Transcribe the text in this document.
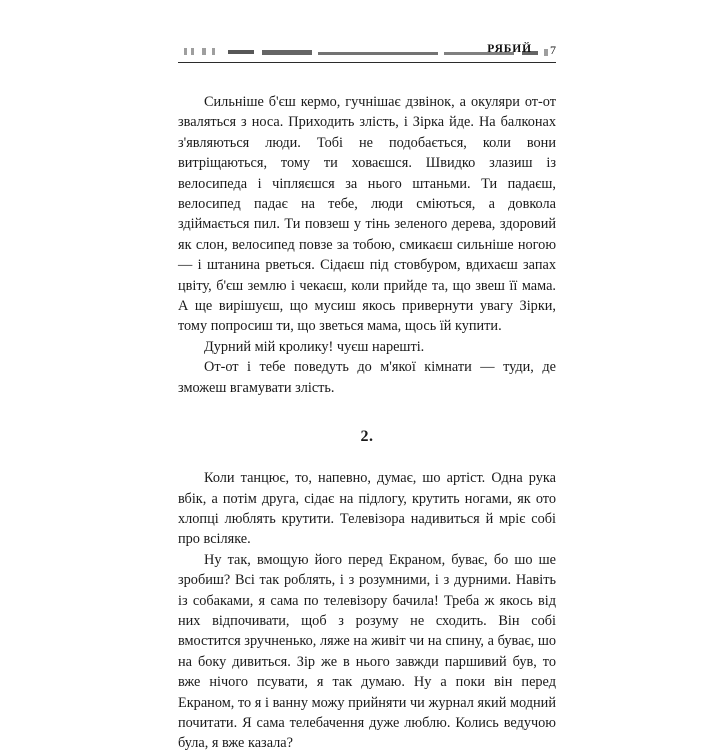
РЯБИЙ 7

Сильнiше б'єш кермо, гучнiшає дзвiнок, а окуляри от-от зваляться з носа. Приходить злiсть, i Зiрка йде. На балконах з'являються люди. Тобi не подобається, коли вони витрiщаються, тому ти ховаєшся. Швидко злазиш iз велосипеда i чiпляєшся за нього штаньми. Ти падаєш, велосипед падає на тебе, люди смiються, а довкола здiймається пил. Ти повзеш у тiнь зеленого дерева, здоровий як слон, велосипед повзе за тобою, смикаєш сильнiше ногою — i штанина рветься. Сiдаєш пiд стовбуром, вдихаєш запах цвiту, б'єш землю i чекаєш, коли прийде та, що звеш її мама. А ще вирiшуєш, що мусиш якось привернути увагу Зiрки, тому попросиш ти, що зветься мама, щось їй купити.

Дурний мiй кролику! чуєш нарештi.

От-от i тебе поведуть до м'якої кiмнати — туди, де зможеш вгамувати злiсть.

2.

Коли танцює, то, напевно, думає, шо артiст. Одна рука вбiк, а потiм друга, сiдає на пiдлогу, крутить ногами, як ото хлопцi люблять крутити. Телевiзора надивиться й мрiє собi про всiляке.

Ну так, вмощую його перед Екраном, буває, бо шо ше зробиш? Всi так роблять, i з розумними, i з дурними. Навiть iз собаками, я сама по телевiзору бачила! Треба ж якось вiд них вiдпочивати, щоб з розуму не сходить. Вiн собi вмостится зручненько, ляже на живiт чи на спину, а буває, шо на боку дивиться. Зiр же в нього завжди паршивий був, то вже нiчого псувати, я так думаю. Ну а поки вiн перед Екраном, то я i ванну можу прийняти чи журнал який модний почитати. Я сама телебачення дуже люблю. Колись ведучою була, я вже казала?
